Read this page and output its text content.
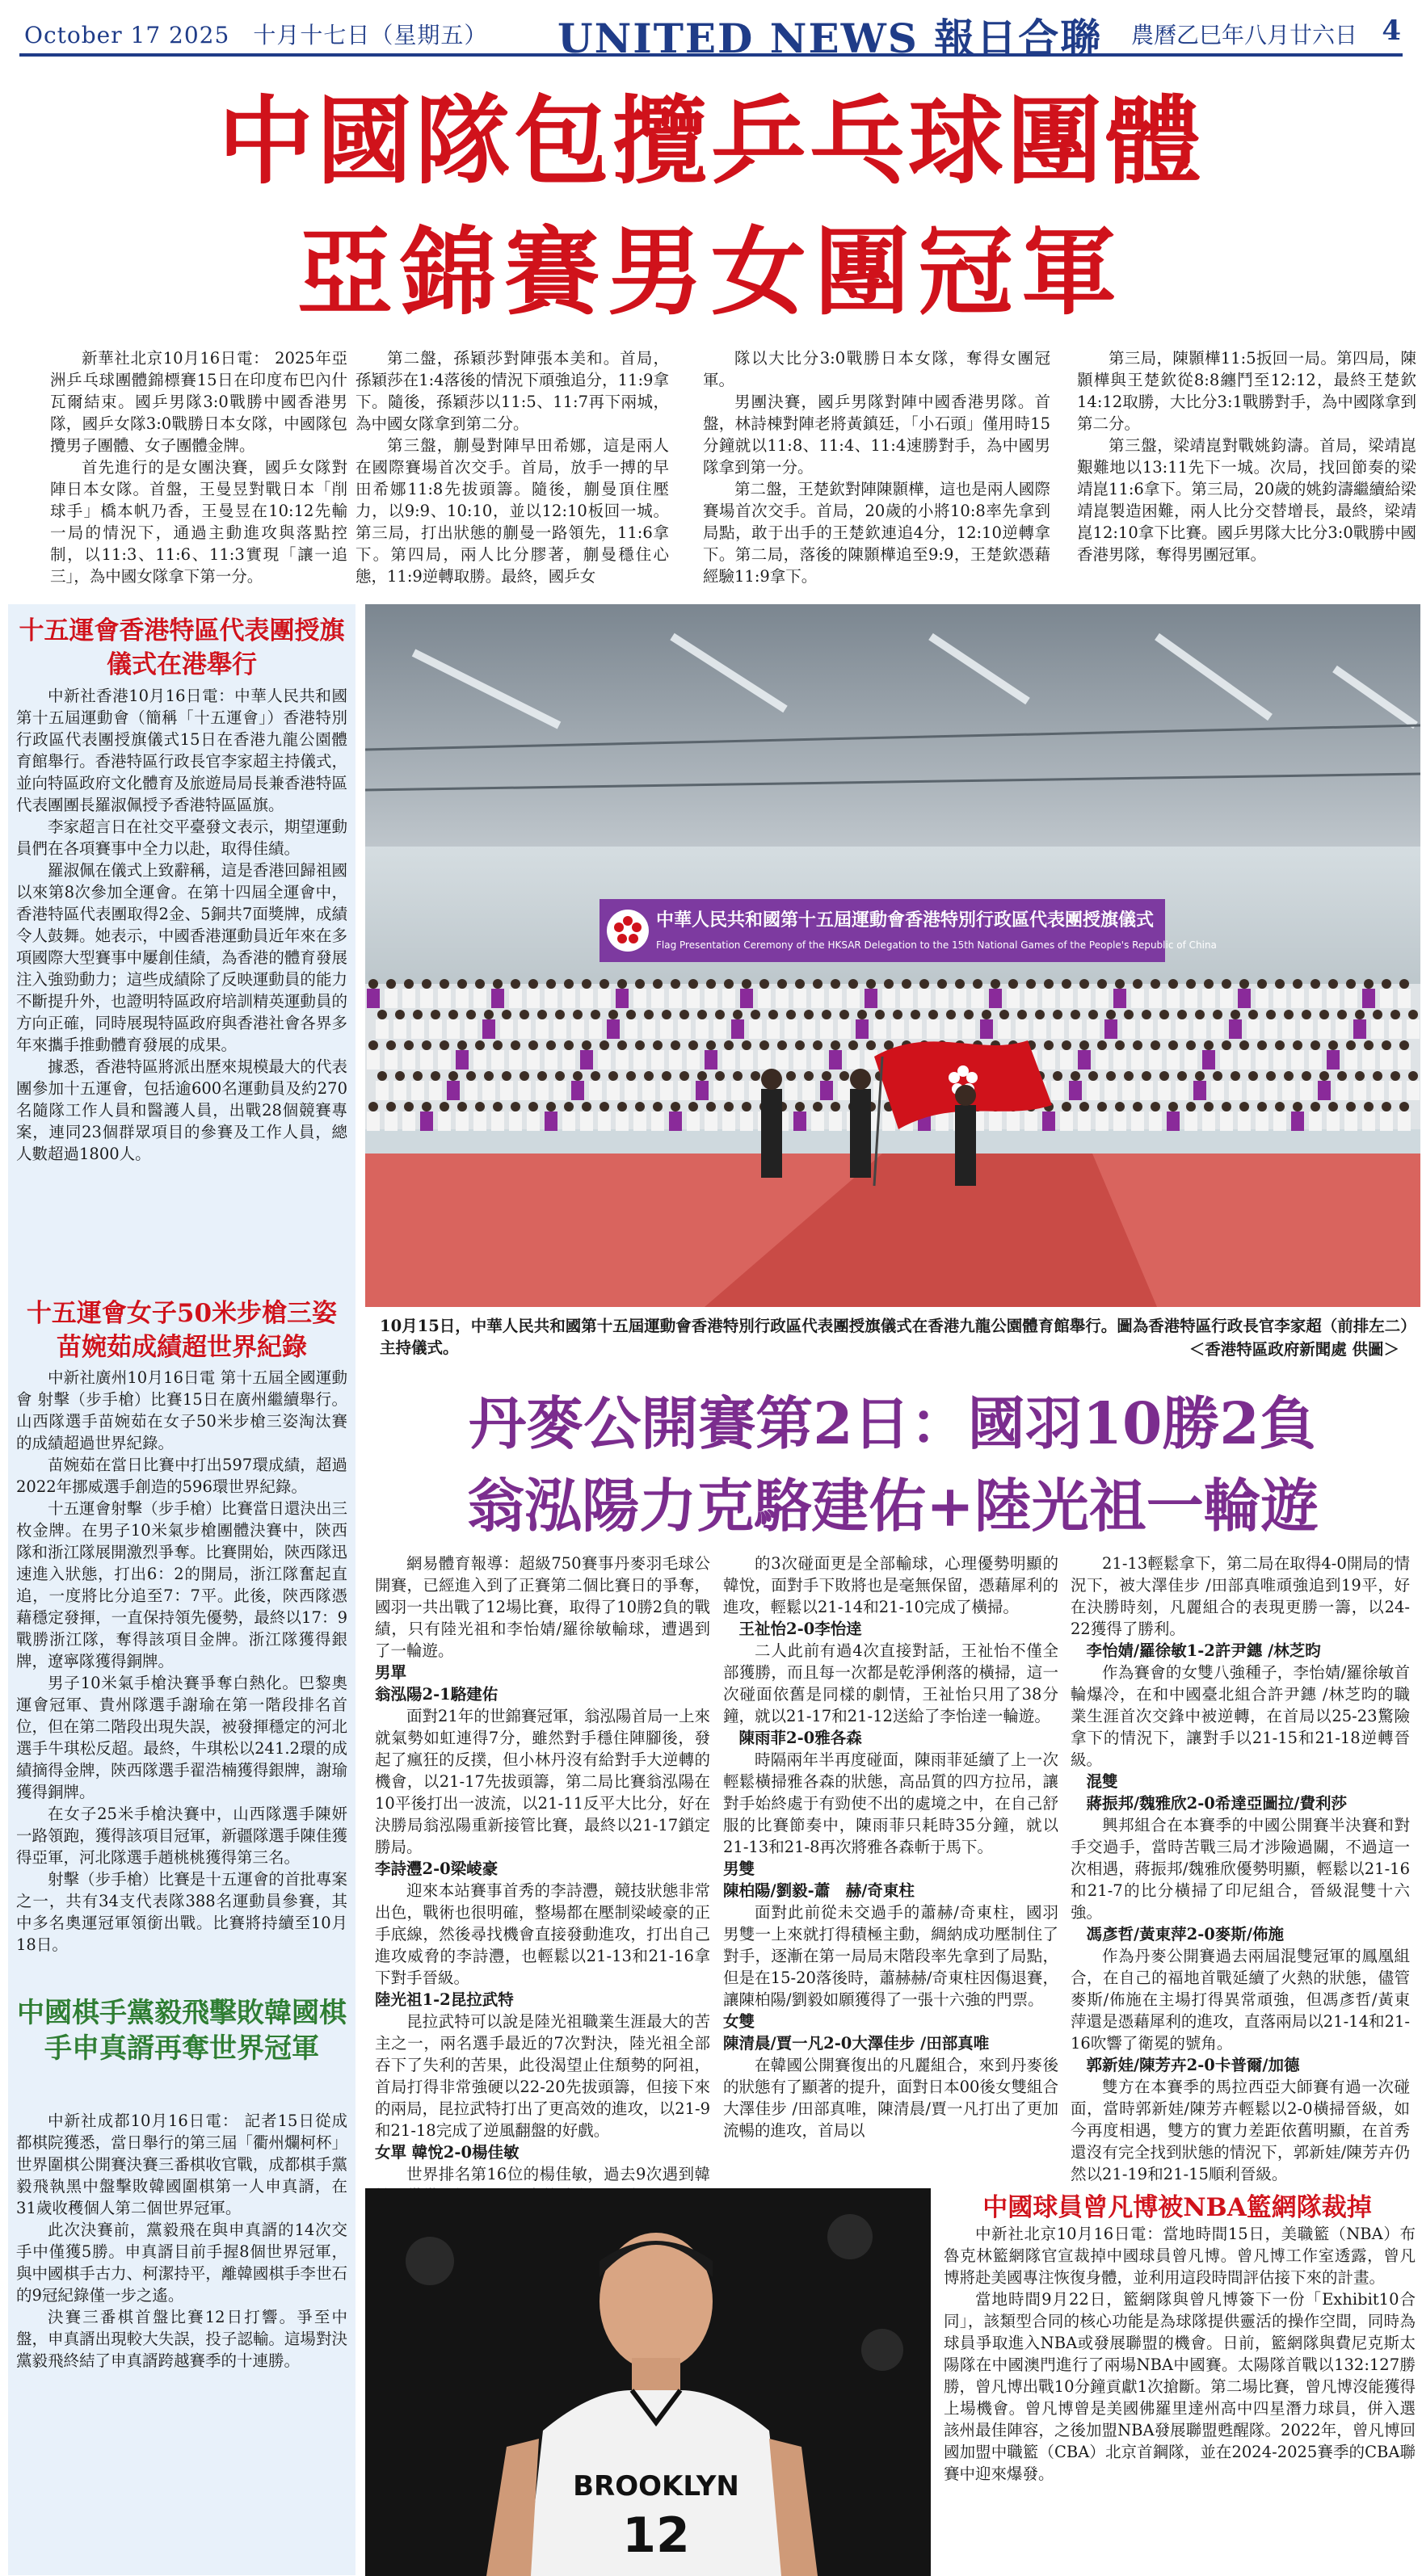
October 17 2025　十月十七日（星期五） UNITED NEWS 報日合聯 農曆乙巳年八月廿六日 4
中國隊包攬乒乓球團體
亞錦賽男女團冠軍

新華社北京10月16日電： 2025年亞洲乒乓球團體錦標賽15日在印度布巴內什瓦爾結束。國乒男隊3:0戰勝中國香港男隊，國乒女隊3:0戰勝日本女隊，中國隊包攬男子團體、女子團體金牌。

首先進行的是女團決賽，國乒女隊對陣日本女隊。首盤，王曼昱對戰日本「削球手」橋本帆乃香，王曼昱在10:12先輸一局的情況下，通過主動進攻與落點控制，以11:3、11:6、11:3實現「讓一追三」，為中國女隊拿下第一分。

第二盤，孫穎莎對陣張本美和。首局，孫穎莎在1:4落後的情況下頑強追分，11:9拿下。隨後，孫穎莎以11:5、11:7再下兩城，為中國女隊拿到第二分。

第三盤，蒯曼對陣早田希娜，這是兩人在國際賽場首次交手。首局，放手一搏的早田希娜11:8先拔頭籌。隨後，蒯曼頂住壓力，以9:9、10:10，並以12:10板回一城。第三局，打出狀態的蒯曼一路領先，11:6拿下。第四局，兩人比分膠著，蒯曼穩住心態，11:9逆轉取勝。最終，國乒女

隊以大比分3:0戰勝日本女隊，奪得女團冠軍。

男團決賽，國乒男隊對陣中國香港男隊。首盤，林詩棟對陣老將黃鎮廷，「小石頭」僅用時15分鐘就以11:8、11:4、11:4速勝對手，為中國男隊拿到第一分。

第二盤，王楚欽對陣陳顥樺，這也是兩人國際賽場首次交手。首局，20歲的小將10:8率先拿到局點，敢于出手的王楚欽連追4分，12:10逆轉拿下。第二局，落後的陳顥樺追至9:9，王楚欽憑藉經驗11:9拿下。

第三局，陳顥樺11:5扳回一局。第四局，陳顥樺與王楚欽從8:8纏鬥至12:12，最終王楚欽14:12取勝，大比分3:1戰勝對手，為中國隊拿到第二分。

第三盤，梁靖崑對戰姚鈞濤。首局，梁靖崑艱難地以13:11先下一城。次局，找回節奏的梁靖崑11:6拿下。第三局，20歲的姚鈞濤繼續給梁靖崑製造困難，兩人比分交替增長，最終，梁靖崑12:10拿下比賽。國乒男隊大比分3:0戰勝中國香港男隊，奪得男團冠軍。

十五運會香港特區代表團授旗儀式在港舉行

中新社香港10月16日電：中華人民共和國第十五屆運動會（簡稱「十五運會」）香港特別行政區代表團授旗儀式15日在香港九龍公園體育館舉行。香港特區行政長官李家超主持儀式，並向特區政府文化體育及旅遊局局長兼香港特區代表團團長羅淑佩授予香港特區區旗。

李家超言日在社交平臺發文表示，期望運動員們在各項賽事中全力以赴，取得佳績。

羅淑佩在儀式上致辭稱，這是香港回歸祖國以來第8次參加全運會。在第十四屆全運會中，香港特區代表團取得2金、5銅共7面獎牌，成績令人鼓舞。她表示，中國香港運動員近年來在多項國際大型賽事中屢創佳績，為香港的體育發展注入強勁動力；這些成績除了反映運動員的能力不斷提升外，也證明特區政府培訓精英運動員的方向正確，同時展現特區政府與香港社會各界多年來攜手推動體育發展的成果。

據悉，香港特區將派出歷來規模最大的代表團參加十五運會，包括逾600名運動員及約270名隨隊工作人員和醫護人員，出戰28個競賽專案，連同23個群眾項目的參賽及工作人員，總人數超過1800人。

十五運會女子50米步槍三姿苗婉茹成績超世界紀錄

中新社廣州10月16日電 第十五屆全國運動會 射擊（步手槍）比賽15日在廣州繼續舉行。山西隊選手苗婉茹在女子50米步槍三姿淘汰賽的成績超過世界紀錄。

苗婉茹在當日比賽中打出597環成績，超過2022年挪威選手創造的596環世界紀錄。

十五運會射擊（步手槍）比賽當日還決出三枚金牌。在男子10米氣步槍團體決賽中，陝西隊和浙江隊展開激烈爭奪。比賽開始，陝西隊迅速進入狀態，打出6：2的開局，浙江隊奮起直追，一度將比分追至7：7平。此後，陝西隊憑藉穩定發揮，一直保持領先優勢，最終以17：9戰勝浙江隊，奪得該項目金牌。浙江隊獲得銀牌，遼寧隊獲得銅牌。

男子10米氣手槍決賽爭奪白熱化。巴黎奧運會冠軍、貴州隊選手謝瑜在第一階段排名首位，但在第二階段出現失誤，被發揮穩定的河北選手牛琪松反超。最終，牛琪松以241.2環的成績摘得金牌，陝西隊選手翟浩楠獲得銀牌，謝瑜獲得銅牌。

在女子25米手槍決賽中，山西隊選手陳妍一路領跑，獲得該項目冠軍，新疆隊選手陳佳獲得亞軍，河北隊選手趙桃桃獲得第三名。

射擊（步手槍）比賽是十五運會的首批專案之一，共有34支代表隊388名運動員參賽，其中多名奧運冠軍領銜出戰。比賽將持續至10月18日。

中國棋手黨毅飛擊敗韓國棋手申真諝再奪世界冠軍

中新社成都10月16日電： 記者15日從成都棋院獲悉，當日舉行的第三屆「衢州爛柯杯」世界圍棋公開賽決賽三番棋收官戰，成都棋手黨毅飛執黑中盤擊敗韓國圍棋第一人申真諝，在31歲收穫個人第二個世界冠軍。

此次決賽前，黨毅飛在與申真諝的14次交手中僅獲5勝。申真諝目前手握8個世界冠軍，與中國棋手古力、柯潔持平，離韓國棋手李世石的9冠紀錄僅一步之遙。

決賽三番棋首盤比賽12日打響。爭至中盤，申真諝出現較大失誤，投子認輸。這場對決黨毅飛終結了申真諝跨越賽季的十連勝。

中華人民共和國第十五屆運動會香港特別行政區代表團授旗儀式
Flag Presentation Ceremony of the HKSAR Delegation to the 15th National Games of the People's Republic of China
10月15日，中華人民共和國第十五屆運動會香港特別行政區代表團授旗儀式在香港九龍公園體育館舉行。圖為香港特區行政長官李家超（前排左二）主持儀式。	＜香港特區政府新聞處 供圖＞
丹麥公開賽第2日：國羽10勝2負
翁泓陽力克駱建佑+陸光祖一輪遊

網易體育報導：超級750賽事丹麥羽毛球公開賽，已經進入到了正賽第二個比賽日的爭奪，國羽一共出戰了12場比賽，取得了10勝2負的戰績，只有陸光祖和李怡婧/羅徐敏輸球，遭遇到了一輪遊。

男單

翁泓陽2-1駱建佑

面對21年的世錦賽冠軍，翁泓陽首局一上來就氣勢如虹連得7分，雖然對手穩住陣腳後，發起了瘋狂的反撲，但小林丹沒有給對手大逆轉的機會，以21-17先拔頭籌，第二局比賽翁泓陽在10平後打出一波流，以21-11反平大比分，好在決勝局翁泓陽重新接管比賽，最終以21-17鎖定勝局。

李詩灃2-0梁崚豪

迎來本站賽事首秀的李詩灃，競技狀態非常出色，戰術也很明確，整場都在壓制梁崚豪的正手底線，然後尋找機會直接發動進攻，打出自己進攻威脅的李詩灃，也輕鬆以21-13和21-16拿下對手晉級。

陸光祖1-2昆拉武特

昆拉武特可以說是陸光祖職業生涯最大的苦主之一，兩名選手最近的7次對決，陸光祖全部吞下了失利的苦果，此役渴望止住頹勢的阿祖，首局打得非常強硬以22-20先拔頭籌，但接下來的兩局，昆拉武特打出了更高效的進攻，以21-9和21-18完成了逆風翻盤的好戲。

女單 韓悅2-0楊佳敏

世界排名第16位的楊佳敏，過去9次遇到韓

的3次碰面更是全部輸球，心理優勢明顯的韓悅，面對手下敗將也是毫無保留，憑藉犀利的進攻，輕鬆以21-14和21-10完成了橫掃。

王祉怡2-0李怡逹

二人此前有過4次直接對話，王祉怡不僅全部獲勝，而且每一次都是乾淨俐落的橫掃，這一次碰面依舊是同樣的劇情，王祉怡只用了38分鐘，就以21-17和21-12送給了李怡逹一輪遊。

陳雨菲2-0雅各森

時隔兩年半再度碰面，陳雨菲延續了上一次輕鬆橫掃雅各森的狀態，高品質的四方拉吊，讓對手始終處于有勁使不出的處境之中，在自己舒服的比賽節奏中，陳雨菲只耗時35分鐘，就以21-13和21-8再次將雅各森斬于馬下。

男雙

陳柏陽/劉毅-蕭　赫/奇東柱

面對此前從未交過手的蕭赫/奇東柱，國羽男雙一上來就打得積極主動，綢納成功壓制住了對手，逐漸在第一局局末階段率先拿到了局點，但是在15-20落後時，蕭赫赫/奇東柱因傷退賽，讓陳柏陽/劉毅如願獲得了一張十六強的門票。

女雙

陳清晨/賈一凡2-0大澤佳步 /田部真唯

在韓國公開賽復出的凡麗組合，來到丹麥後的狀態有了顯著的提升，面對日本00後女雙組合大澤佳步 /田部真唯，陳清晨/賈一凡打出了更加流暢的進攻，首局以

21-13輕鬆拿下，第二局在取得4-0開局的情況下，被大澤佳步 /田部真唯頑強追到19平，好在決勝時刻，凡麗組合的表現更勝一籌，以24-22獲得了勝利。

李怡婧/羅徐敏1-2許尹鏸 /林芝昀

作為賽會的女雙八強種子，李怡婧/羅徐敏首輪爆冷，在和中國臺北組合許尹鏸 /林芝昀的職業生涯首次交鋒中被逆轉，在首局以25-23驚險拿下的情況下，讓對手以21-15和21-18逆轉晉級。

混雙

蔣振邦/魏雅欣2-0希達亞圖拉/費利莎

興邦組合在本賽季的中國公開賽半決賽和對手交過手，當時苦戰三局才涉險過關，不過這一次相遇，蔣振邦/魏雅欣優勢明顯，輕鬆以21-16和21-7的比分橫掃了印尼組合，晉級混雙十六強。

馮彥哲/黃東萍2-0麥斯/佈施

作為丹麥公開賽過去兩屆混雙冠軍的鳳凰組合，在自己的福地首戰延續了火熱的狀態，儘管麥斯/佈施在主場打得異常頑強，但馮彥哲/黃東萍還是憑藉犀利的進攻，直落兩局以21-14和21-16吹響了衛冕的號角。

郭新娃/陳芳卉2-0卡普爾/加德

雙方在本賽季的馬拉西亞大師賽有過一次碰面，當時郭新娃/陳芳卉輕鬆以2-0橫掃晉級，如今再度相遇，雙方的實力差距依舊明顯，在首秀還沒有完全找到狀態的情況下，郭新娃/陳芳卉仍然以21-19和21-15順利晉級。

BROOKLYN
12
中國球員曾凡博被NBA籃網隊裁掉

中新社北京10月16日電：當地時間15日，美職籃（NBA）布魯克林籃網隊官宣裁掉中國球員曾凡博。曾凡博工作室透露，曾凡博將赴美國專注恢復身體，並利用這段時間評估接下來的計畫。

當地時間9月22日，籃網隊與曾凡博簽下一份「Exhibit10合同」，該類型合同的核心功能是為球隊提供靈活的操作空間，同時為球員爭取進入NBA或發展聯盟的機會。日前，籃網隊與費尼克斯太陽隊在中國澳門進行了兩場NBA中國賽。太陽隊首戰以132:127勝勝，曾凡博出戰10分鐘貢獻1次搶斷。第二場比賽，曾凡博沒能獲得上場機會。曾凡博曾是美國佛羅里達州高中四星潛力球員，併入選該州最佳陣容，之後加盟NBA發展聯盟甦醒隊。2022年，曾凡博回國加盟中職籃（CBA）北京首鋼隊，並在2024-2025賽季的CBA聯賽中迎來爆發。
